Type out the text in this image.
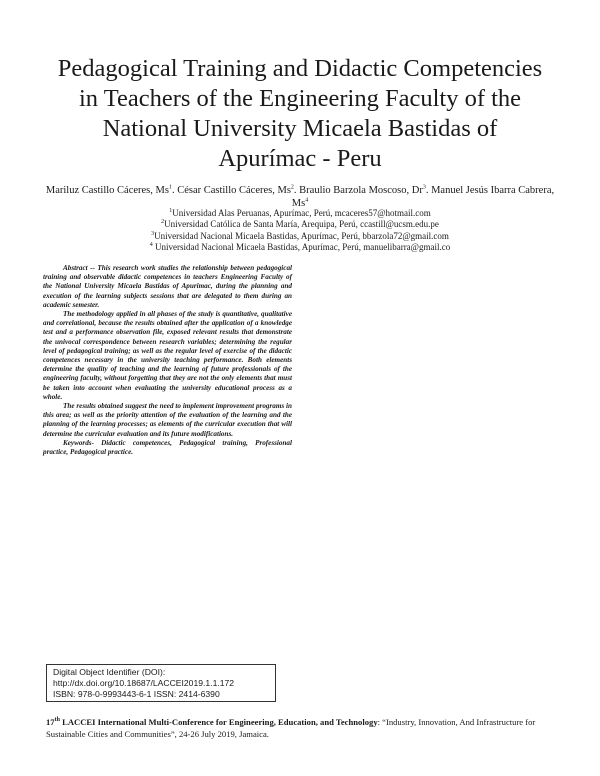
Pedagogical Training and Didactic Competencies
in Teachers of the Engineering Faculty of the
National University Micaela Bastidas of
Apurímac - Peru
Mariluz Castillo Cáceres, Ms$^1$. César Castillo Cáceres, Ms$^2$. Braulio Barzola Moscoso, Dr$^3$. Manuel Jesús Ibarra Cabrera, Ms$^4$
$^1$Universidad Alas Peruanas, Apurímac, Perú, mcaceres57@hotmail.com
$^2$Universidad Católica de Santa María, Arequipa, Perú, ccastill@ucsm.edu.pe
$^3$Universidad Nacional Micaela Bastidas, Apurímac, Perú, bbarzola72@gmail.com
$^4$ Universidad Nacional Micaela Bastidas, Apurímac, Perú, manuelibarra@gmail.co

Abstract -- This research work studies the relationship between pedagogical training and observable didactic competences in teachers Engineering Faculty of the National University Micaela Bastidas of Apurimac, during the planning and execution of the learning subjects sessions that are delegated to them during an academic semester.

The methodology applied in all phases of the study is quantitative, qualitative and correlational, because the results obtained after the application of a knowledge test and a performance observation file, exposed relevant results that demonstrate the univocal correspondence between research variables; determining the regular level of pedagogical training; as well as the regular level of exercise of the didactic competences necessary in the university teaching performance. Both elements determine the quality of teaching and the learning of future professionals of the engineering faculty, without forgetting that they are not the only elements that must be taken into account when evaluating the university educational process as a whole.

The results obtained suggest the need to implement improvement programs in this area; as well as the priority attention of the evaluation of the learning and the planning of the learning processes; as elements of the curricular execution that will determine the curricular evaluation and its future modifications.

Keywords- Didactic competences, Pedagogical training, Professional practice, Pedagogical practice.

Digital Object Identifier (DOI):
http://dx.doi.org/10.18687/LACCEI2019.1.1.172
ISBN: 978-0-9993443-6-1 ISSN: 2414-6390
17th LACCEI International Multi-Conference for Engineering, Education, and Technology: “Industry, Innovation, And Infrastructure for Sustainable Cities and Communities”, 24-26 July 2019, Jamaica.
